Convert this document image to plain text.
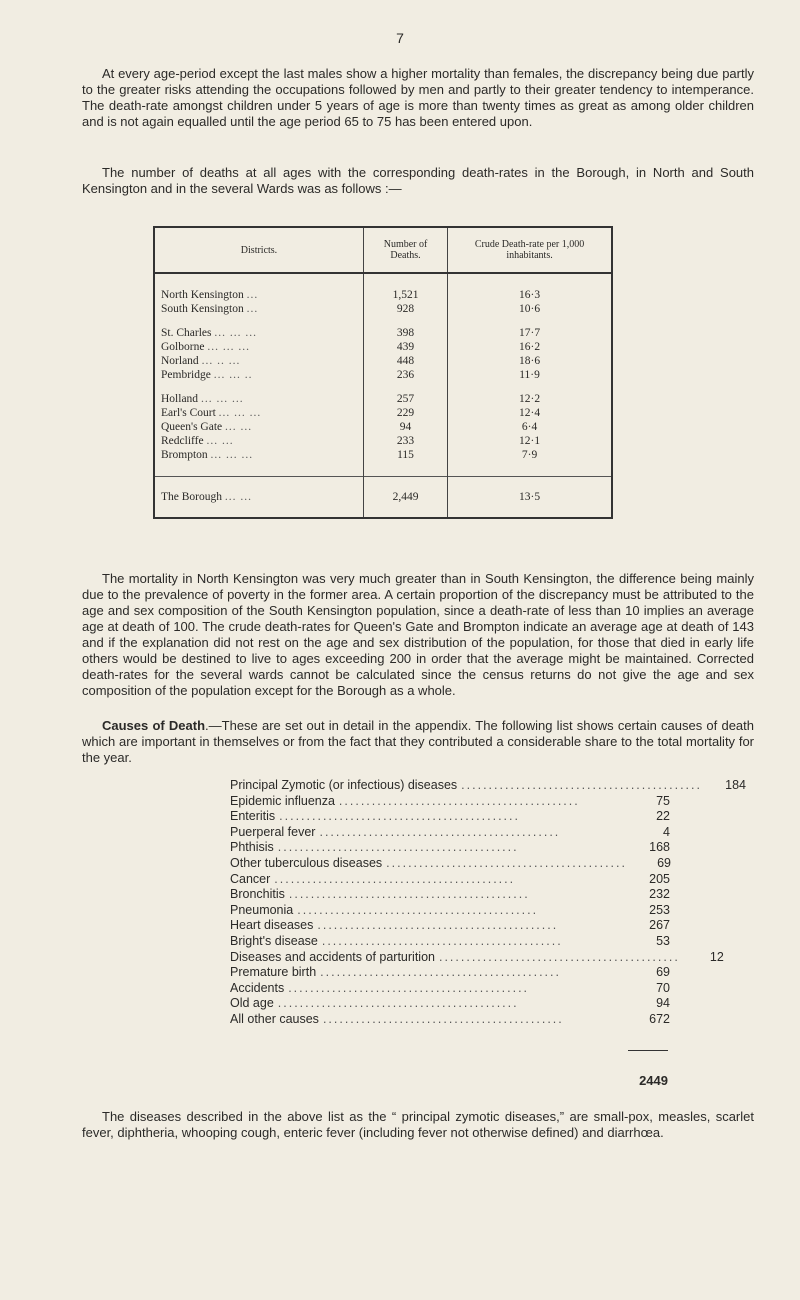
7

At every age-period except the last males show a higher mortality than females, the discrepancy being due partly to the greater risks attending the occupations followed by men and partly to their greater tendency to intemperance. The death-rate amongst children under 5 years of age is more than twenty times as great as among older children and is not again equalled until the age period 65 to 75 has been entered upon.

The number of deaths at all ages with the corresponding death-rates in the Borough, in North and South Kensington and in the several Wards was as follows :—

Districts.	Number of Deaths.	Crude Death-rate per 1,000 inhabitants.
North Kensington ...	1,521	16·3
South Kensington ...	928	10·6

St. Charles ... ... ...	398	17·7
Golborne ... ... ...	439	16·2
Norland ... .. ...	448	18·6
Pembridge ... ... ..	236	11·9

Holland ... ... ...	257	12·2
Earl's Court ... ... ...	229	12·4
Queen's Gate ... ...	94	6·4
Redcliffe ... ...	233	12·1
Brompton ... ... ...	115	7·9
The Borough ... ...	2,449	13·5

The mortality in North Kensington was very much greater than in South Kensington, the difference being mainly due to the prevalence of poverty in the former area. A certain proportion of the discrepancy must be attributed to the age and sex composition of the South Kensington population, since a death-rate of less than 10 implies an average age at death of 100. The crude death-rates for Queen's Gate and Brompton indicate an average age at death of 143 and if the explanation did not rest on the age and sex distribution of the population, for those that died in early life others would be destined to live to ages exceeding 200 in order that the average might be maintained. Corrected death-rates for the several wards cannot be calculated since the census returns do not give the age and sex composition of the population except for the Borough as a whole.

Causes of Death.—These are set out in detail in the appendix. The following list shows certain causes of death which are important in themselves or from the fact that they contributed a considerable share to the total mortality for the year.

Principal Zymotic (or infectious) diseases ............................................	184
Epidemic influenza ............................................	75
Enteritis ............................................	22
Puerperal fever ............................................	4
Phthisis ............................................	168
Other tuberculous diseases ............................................	69
Cancer ............................................	205
Bronchitis ............................................	232
Pneumonia ............................................	253
Heart diseases ............................................	267
Bright's disease ............................................	53
Diseases and accidents of parturition ............................................	12
Premature birth ............................................	69
Accidents ............................................	70
Old age ............................................	94
All other causes ............................................	672
2449

The diseases described in the above list as the “ principal zymotic diseases,” are small-pox, measles, scarlet fever, diphtheria, whooping cough, enteric fever (including fever not otherwise defined) and diarrhœa.
